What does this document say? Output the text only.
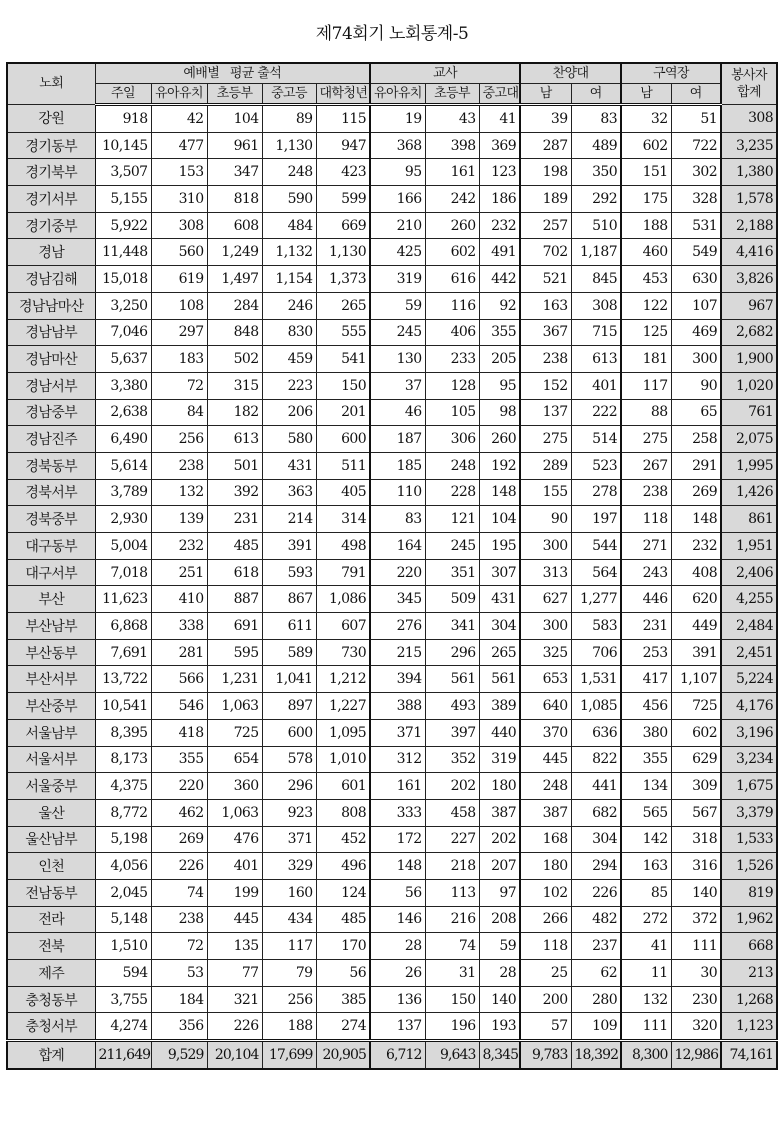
제74회기 노회통계-5
노회	예배별   평균 출석					교사			찬양대		구역장		봉사자 합계
	주일	유아유치	초등부	중고등	대학청년	유아유치	초등부	중고대	남	여	남	여	
강원	918	42	104	89	115	19	43	41	39	83	32	51	308
경기동부	10,145	477	961	1,130	947	368	398	369	287	489	602	722	3,235
경기북부	3,507	153	347	248	423	95	161	123	198	350	151	302	1,380
경기서부	5,155	310	818	590	599	166	242	186	189	292	175	328	1,578
경기중부	5,922	308	608	484	669	210	260	232	257	510	188	531	2,188
경남	11,448	560	1,249	1,132	1,130	425	602	491	702	1,187	460	549	4,416
경남김해	15,018	619	1,497	1,154	1,373	319	616	442	521	845	453	630	3,826
경남남마산	3,250	108	284	246	265	59	116	92	163	308	122	107	967
경남남부	7,046	297	848	830	555	245	406	355	367	715	125	469	2,682
경남마산	5,637	183	502	459	541	130	233	205	238	613	181	300	1,900
경남서부	3,380	72	315	223	150	37	128	95	152	401	117	90	1,020
경남중부	2,638	84	182	206	201	46	105	98	137	222	88	65	761
경남진주	6,490	256	613	580	600	187	306	260	275	514	275	258	2,075
경북동부	5,614	238	501	431	511	185	248	192	289	523	267	291	1,995
경북서부	3,789	132	392	363	405	110	228	148	155	278	238	269	1,426
경북중부	2,930	139	231	214	314	83	121	104	90	197	118	148	861
대구동부	5,004	232	485	391	498	164	245	195	300	544	271	232	1,951
대구서부	7,018	251	618	593	791	220	351	307	313	564	243	408	2,406
부산	11,623	410	887	867	1,086	345	509	431	627	1,277	446	620	4,255
부산남부	6,868	338	691	611	607	276	341	304	300	583	231	449	2,484
부산동부	7,691	281	595	589	730	215	296	265	325	706	253	391	2,451
부산서부	13,722	566	1,231	1,041	1,212	394	561	561	653	1,531	417	1,107	5,224
부산중부	10,541	546	1,063	897	1,227	388	493	389	640	1,085	456	725	4,176
서울남부	8,395	418	725	600	1,095	371	397	440	370	636	380	602	3,196
서울서부	8,173	355	654	578	1,010	312	352	319	445	822	355	629	3,234
서울중부	4,375	220	360	296	601	161	202	180	248	441	134	309	1,675
울산	8,772	462	1,063	923	808	333	458	387	387	682	565	567	3,379
울산남부	5,198	269	476	371	452	172	227	202	168	304	142	318	1,533
인천	4,056	226	401	329	496	148	218	207	180	294	163	316	1,526
전남동부	2,045	74	199	160	124	56	113	97	102	226	85	140	819
전라	5,148	238	445	434	485	146	216	208	266	482	272	372	1,962
전북	1,510	72	135	117	170	28	74	59	118	237	41	111	668
제주	594	53	77	79	56	26	31	28	25	62	11	30	213
충청동부	3,755	184	321	256	385	136	150	140	200	280	132	230	1,268
충청서부	4,274	356	226	188	274	137	196	193	57	109	111	320	1,123
합계	211,649	9,529	20,104	17,699	20,905	6,712	9,643	8,345	9,783	18,392	8,300	12,986	74,161
